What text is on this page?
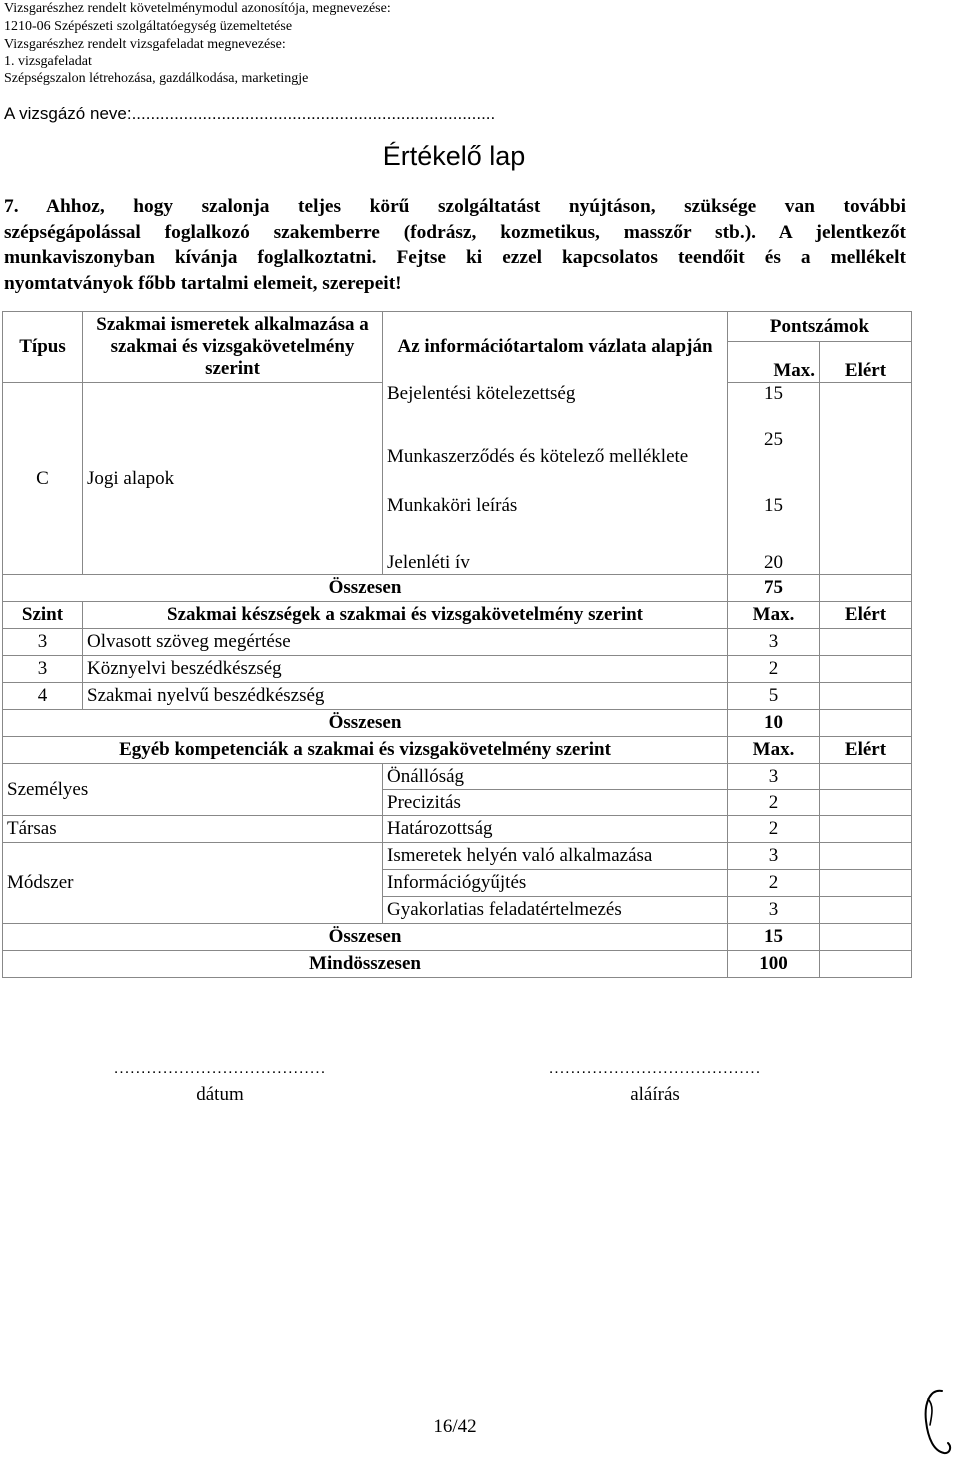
Vizsgarészhez rendelt követelménymodul azonosítója, megnevezése:
1210-06 Szépészeti szolgáltatóegység üzemeltetése
Vizsgarészhez rendelt vizsgafeladat megnevezése:
1. vizsgafeladat
Szépségszalon létrehozása, gazdálkodása, marketingje
A vizsgázó neve:.............................................................................
Értékelő lap
7. Ahhoz, hogy szalonja teljes körű szolgáltatást nyújtáson, szüksége van további
szépségápolással foglalkozó szakemberre (fodrász, kozmetikus, masszőr stb.). A jelentkezőt
munkaviszonyban kívánja foglalkoztatni. Fejtse ki ezzel kapcsolatos teendőit és a mellékelt
nyomtatványok főbb tartalmi elemeit, szerepeit!
Típus	Szakmai ismeretek alkalmazása a szakmai és vizsgakövetelmény szerint	Az információtartalom vázlata alapján	Pontszámok	
			Max.	Elért
C	Jogi alapok	Bejelentési kötelezettség	15	
		Munkaszerződés és kötelező melléklete	25	
		Munkaköri leírás	15	
		Jelenléti ív	20	
Összesen			75	
Szint	Szakmai készségek a szakmai és vizsgakövetelmény szerint		Max.	Elért
3	Olvasott szöveg megértése		3	
3	Köznyelvi beszédkészség		2	
4	Szakmai nyelvű beszédkészség		5	
Összesen			10	
Egyéb kompetenciák a szakmai és vizsgakövetelmény szerint			Max.	Elért
Személyes		Önállóság	3	
		Precizitás	2	
Társas		Határozottság	2	
Módszer		Ismeretek helyén való alkalmazása	3	
		Információgyűjtés	2	
		Gyakorlatias feladatértelmezés	3	
Összesen			15	
Mindösszesen			100	
.......................................
dátum
.......................................
aláírás
16/42
